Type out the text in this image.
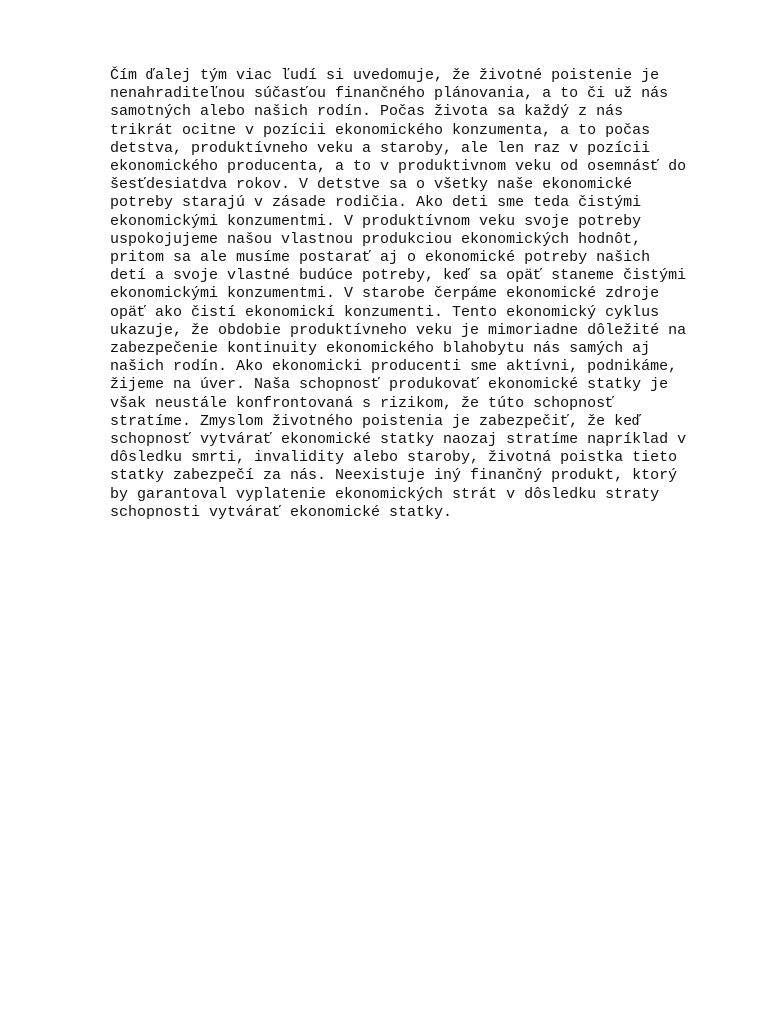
Čím ďalej tým viac ľudí si uvedomuje, že životné poistenie je
nenahraditeľnou súčasťou finančného plánovania, a to či už nás
samotných alebo našich rodín. Počas života sa každý z nás
trikrát ocitne v pozícii ekonomického konzumenta, a to počas
detstva, produktívneho veku a staroby, ale len raz v pozícii
ekonomického producenta, a to v produktivnom veku od osemnásť do
šesťdesiatdva rokov. V detstve sa o všetky naše ekonomické
potreby starajú v zásade rodičia. Ako deti sme teda čistými
ekonomickými konzumentmi. V produktívnom veku svoje potreby
uspokojujeme našou vlastnou produkciou ekonomických hodnôt,
pritom sa ale musíme postarať aj o ekonomické potreby našich
detí a svoje vlastné budúce potreby, keď sa opäť staneme čistými
ekonomickými konzumentmi. V starobe čerpáme ekonomické zdroje
opäť ako čistí ekonomickí konzumenti. Tento ekonomický cyklus
ukazuje, že obdobie produktívneho veku je mimoriadne dôležité na
zabezpečenie kontinuity ekonomického blahobytu nás samých aj
našich rodín. Ako ekonomicki producenti sme aktívni, podnikáme,
žijeme na úver. Naša schopnosť produkovať ekonomické statky je
však neustále konfrontovaná s rizikom, že túto schopnosť
stratíme. Zmyslom životného poistenia je zabezpečiť, že keď
schopnosť vytvárať ekonomické statky naozaj stratíme napríklad v
dôsledku smrti, invalidity alebo staroby, životná poistka tieto
statky zabezpečí za nás. Neexistuje iný finančný produkt, ktorý
by garantoval vyplatenie ekonomických strát v dôsledku straty
schopnosti vytvárať ekonomické statky.
